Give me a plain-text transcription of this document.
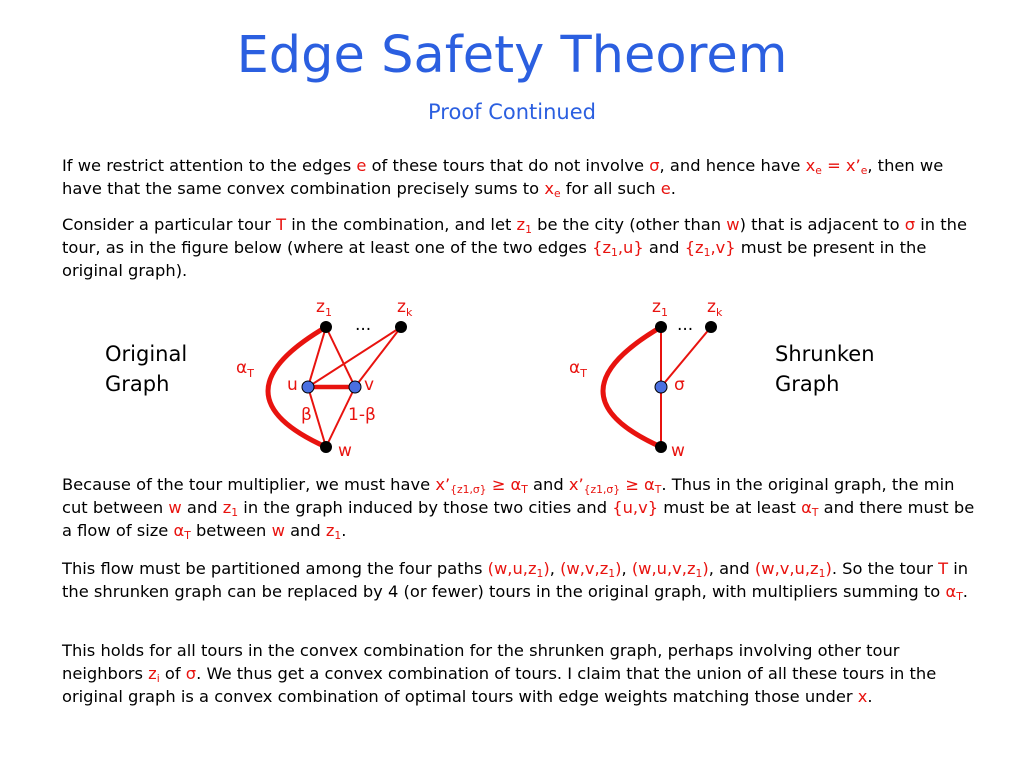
Edge Safety Theorem
Proof Continued
If we restrict attention to the edges e of these tours that do not involve σ, and hence have $x_e$ = $x’_e$, then we have that the same convex combination precisely sums to $x_e$ for all such e.
Consider a particular tour T in the combination, and let $z_1$ be the city (other than w) that is adjacent to σ in the tour, as in the figure below (where at least one of the two edges $\{z_1,u\}$ and $\{z_1,v\}$ must be present in the original graph).
$z_1$	$z_k$
...
$\alpha_T$
u	v
β 1-β
w
$z_1$ $z_k$
...
$\alpha_T$
σ
w
Original
Graph
Shrunken
Graph
Because of the tour multiplier, we must have $x’_{\{z1,\sigma\}} \ge \alpha_T$ and $x’_{\{z1,\sigma\}} \ge \alpha_T$. Thus in the original graph, the min cut between w and $z_1$ in the graph induced by those two cities and {u,v} must be at least $\alpha_T$ and there must be a flow of size $\alpha_T$ between w and $z_1$.
This flow must be partitioned among the four paths $(w,u,z_1)$, $(w,v,z_1)$, $(w,u,v,z_1)$, and $(w,v,u,z_1)$. So the tour T in the shrunken graph can be replaced by 4 (or fewer) tours in the original graph, with multipliers summing to $\alpha_T$.
This holds for all tours in the convex combination for the shrunken graph, perhaps involving other tour neighbors $z_i$ of σ. We thus get a convex combination of tours. I claim that the union of all these tours in the original graph is a convex combination of optimal tours with edge weights matching those under x.
